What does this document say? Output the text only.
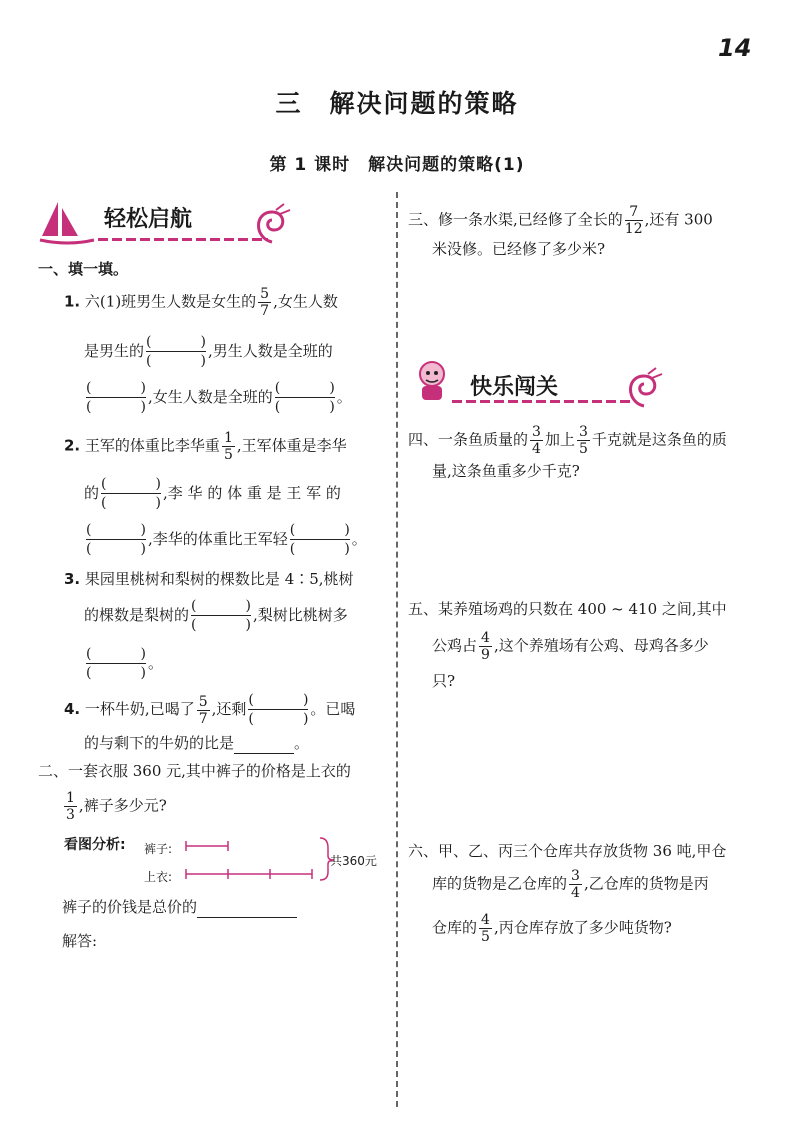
14
三　解决问题的策略
第 1 课时　解决问题的策略(1)
轻松启航
一、填一填。
1. 六(1)班男生人数是女生的 $\frac{5}{7}$ ,女生人数
是男生的	,男生人数是全班的
,女生人数是全班的	。
2. 王军的体重比李华重 $\frac{1}{5}$ ,王军体重是李华
的	,李 华 的 体 重 是 王 军 的
,李华的体重比王军轻	。
3. 果园里桃树和梨树的棵数比是 4∶5,桃树
的棵数是梨树的	,梨树比桃树多
。
4. 一杯牛奶,已喝了 $\frac{5}{7}$ ,还剩	。已喝
的与剩下的牛奶的比是	。
二、一套衣服 360 元,其中裤子的价格是上衣的
$\frac{1}{3}$ ,裤子多少元?
看图分析: 裤子:
上衣:
共360元
裤子的价钱是总价的
解答:
三、修一条水渠,已经修了全长的 $\frac{7}{12}$ ,还有 300
米没修。已经修了多少米?
快乐闯关
四、一条鱼质量的 $\frac{3}{4}$ 加上 $\frac{3}{5}$ 千克就是这条鱼的质
量,这条鱼重多少千克?
五、某养殖场鸡的只数在 400 ~ 410 之间,其中
公鸡占 $\frac{4}{9}$ ,这个养殖场有公鸡、母鸡各多少
只?
六、甲、乙、丙三个仓库共存放货物 36 吨,甲仓
库的货物是乙仓库的 $\frac{3}{4}$ ,乙仓库的货物是丙
仓库的 $\frac{4}{5}$ ,丙仓库存放了多少吨货物?
